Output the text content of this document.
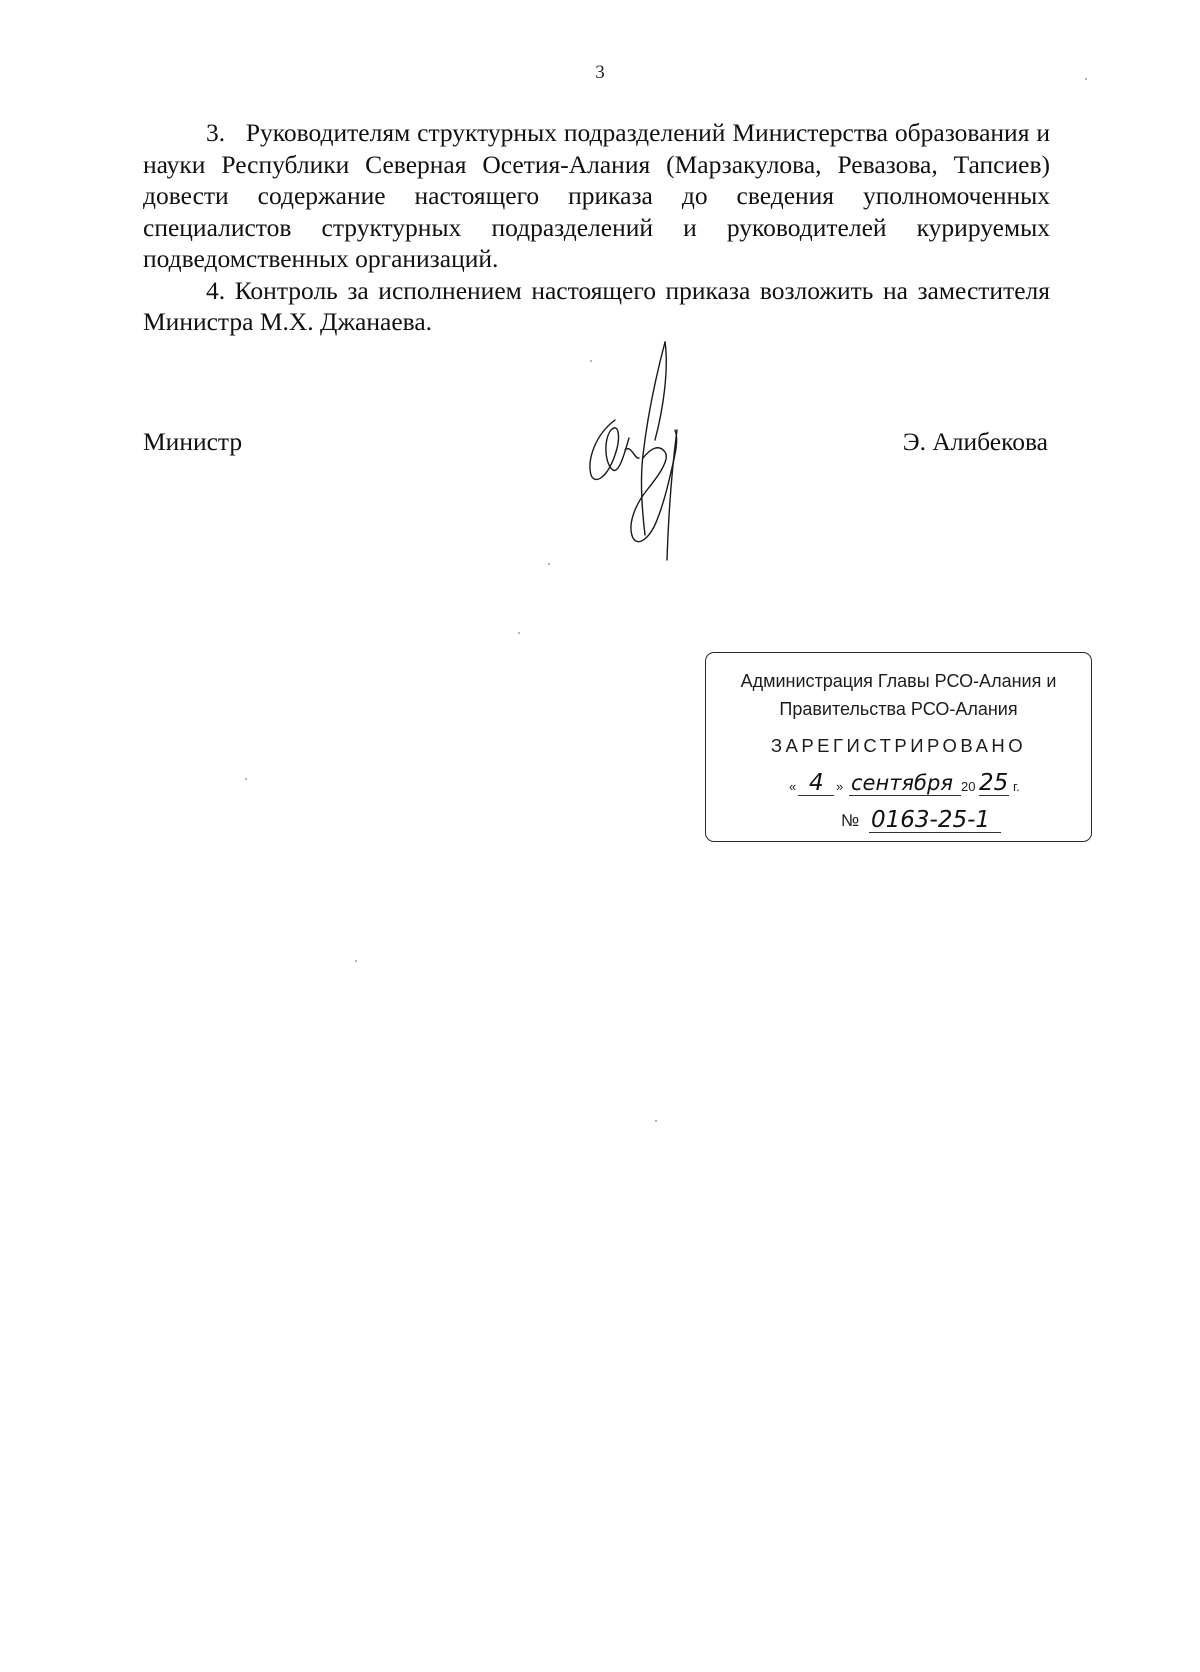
3

3.   Руководителям структурных подразделений Министерства образования и науки Республики Северная Осетия-Алания (Марзакулова, Ревазова, Тапсиев) довести содержание настоящего приказа до сведения уполномоченных специалистов структурных подразделений и руководителей курируемых подведомственных организаций.

4. Контроль за исполнением настоящего приказа возложить на заместителя Министра М.Х. Джанаева.

Министр	Э. Алибекова
Администрация Главы РСО-Алания и
Правительства РСО-Алания
ЗАРЕГИСТРИРОВАНО
« 4 » сентября 20 25 г.
№ 0163-25-1
